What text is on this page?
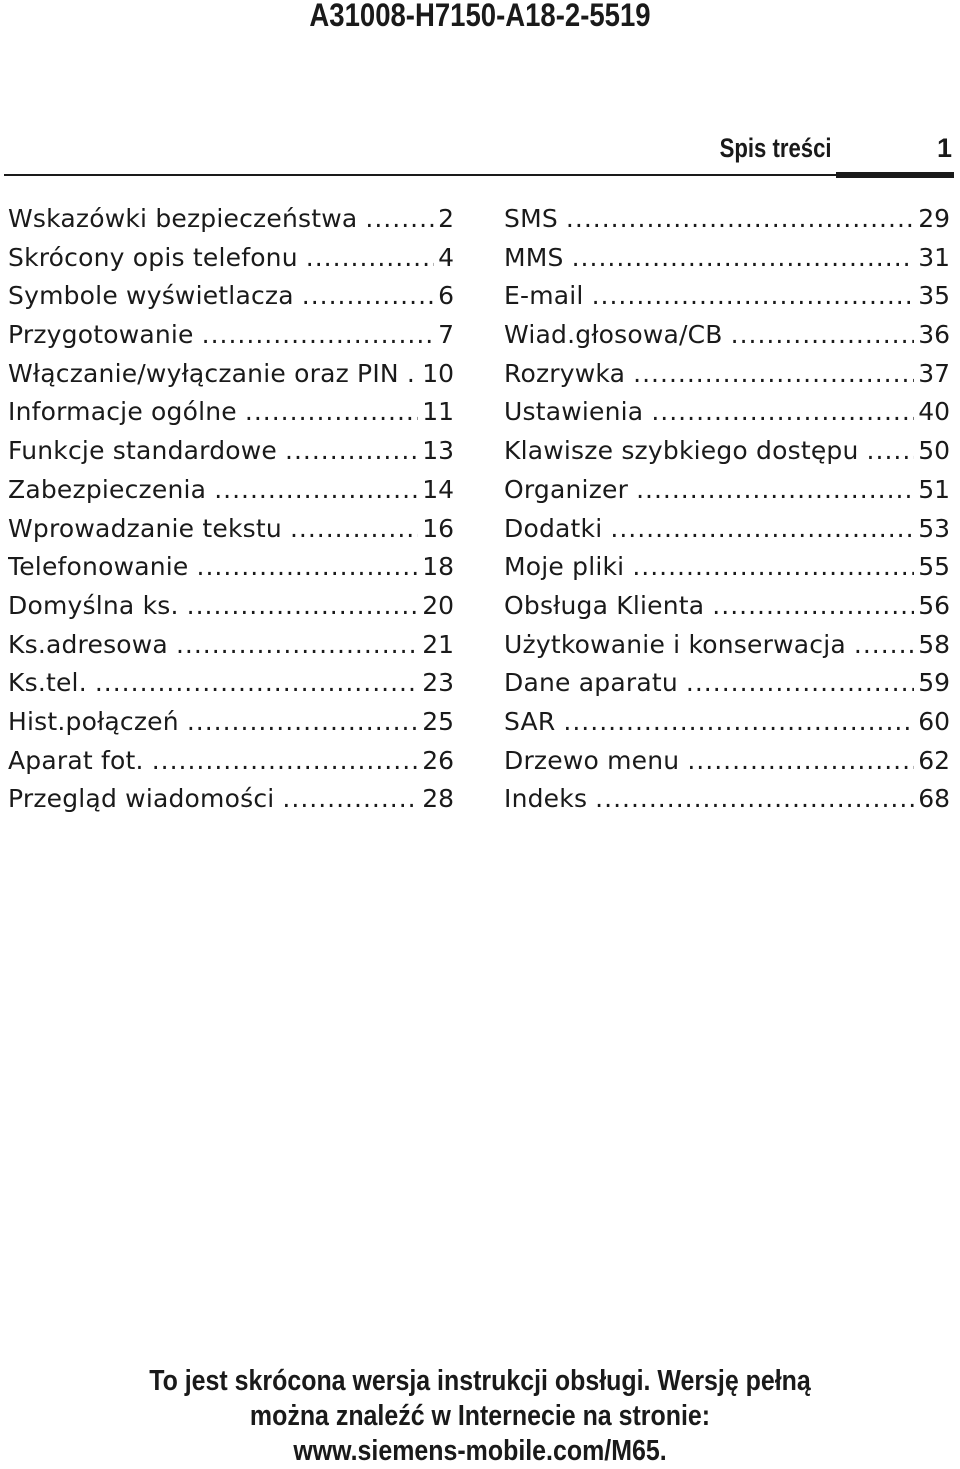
A31008-H7150-A18-2-5519
Spis treści	1
Wskazówki bezpieczeństwa .....	2
Skrócony opis telefonu .....	4
Symbole wyświetlacza .....	6
Przygotowanie .....	7
Włączanie/wyłączanie oraz PIN ..... 10
Informacje ogólne .....	11
Funkcje standardowe .....	13
Zabezpieczenia .....	14
Wprowadzanie tekstu .....	16
Telefonowanie .....	18
Domyślna ks. .....	20
Ks.adresowa .....	21
Ks.tel. .....	23
Hist.połączeń .....	25
Aparat fot. .....	26
Przegląd wiadomości .....	28
SMS .....	29
MMS .....	31
E-mail .....	35
Wiad.głosowa/CB .....	36
Rozrywka .....	37
Ustawienia .....	40
Klawisze szybkiego dostępu ..... 50
Organizer .....	51
Dodatki .....	53
Moje pliki .....	55
Obsługa Klienta .....	56
Użytkowanie i konserwacja .....	58
Dane aparatu .....	59
SAR .....	60
Drzewo menu .....	62
Indeks .....	68
To jest skrócona wersja instrukcji obsługi. Wersję pełną
można znaleźć w Internecie na stronie:
www.siemens-mobile.com/M65.
